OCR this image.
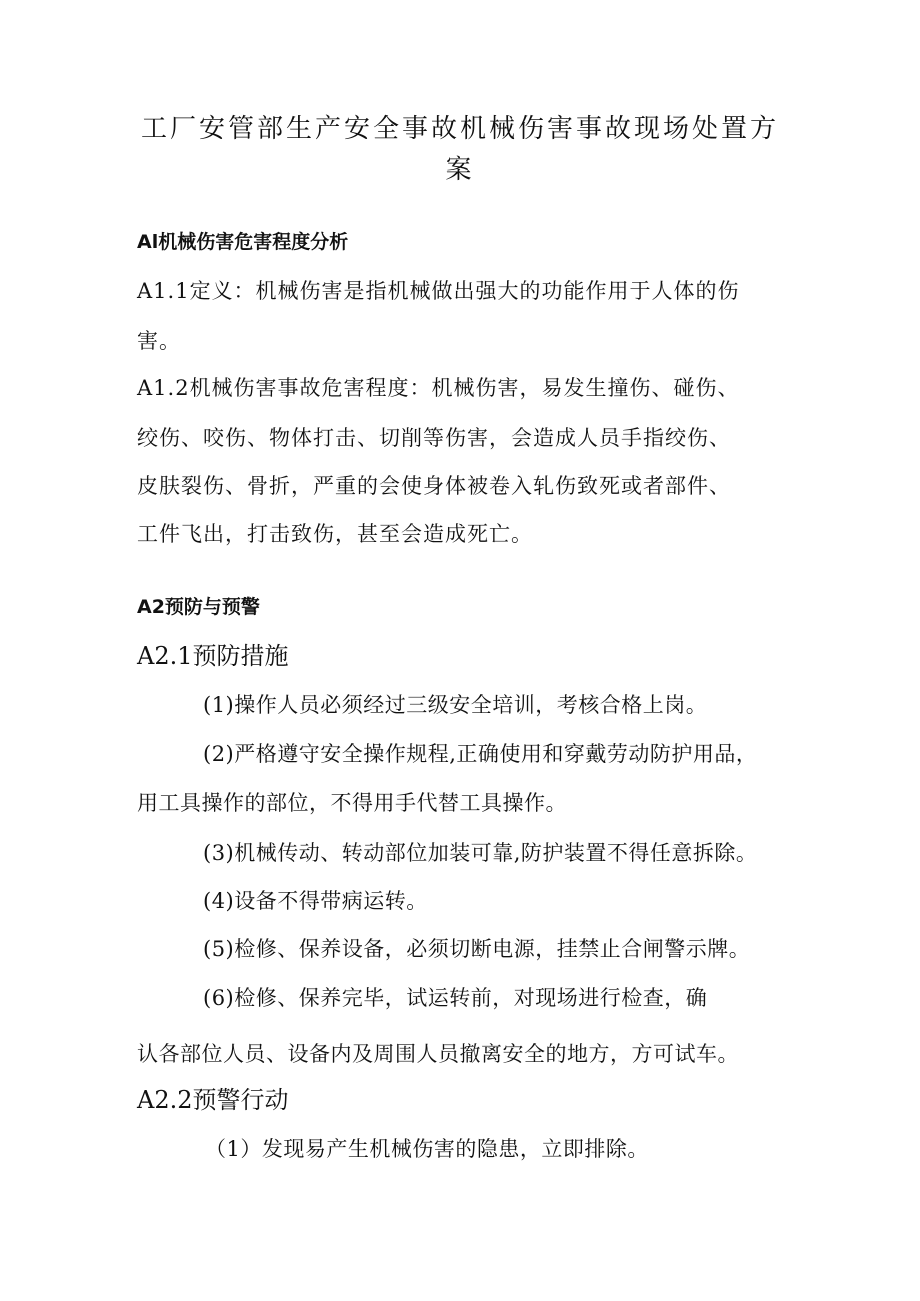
工厂安管部生产安全事故机械伤害事故现场处置方

案

Al机械伤害危害程度分析

A1.1定义：机械伤害是指机械做出强大的功能作用于人体的伤

害。

A1.2机械伤害事故危害程度：机械伤害，易发生撞伤、碰伤、

绞伤、咬伤、物体打击、切削等伤害，会造成人员手指绞伤、

皮肤裂伤、骨折，严重的会使身体被卷入轧伤致死或者部件、

工件飞出，打击致伤，甚至会造成死亡。

A2预防与预警

A2.1预防措施

(1)操作人员必须经过三级安全培训，考核合格上岗。

(2)严格遵守安全操作规程,正确使用和穿戴劳动防护用品，

用工具操作的部位，不得用手代替工具操作。

(3)机械传动、转动部位加装可靠,防护装置不得任意拆除。

(4)设备不得带病运转。

(5)检修、保养设备，必须切断电源，挂禁止合闸警示牌。

(6)检修、保养完毕，试运转前，对现场进行检查，确

认各部位人员、设备内及周围人员撤离安全的地方，方可试车。

A2.2预警行动

（1）发现易产生机械伤害的隐患，立即排除。
